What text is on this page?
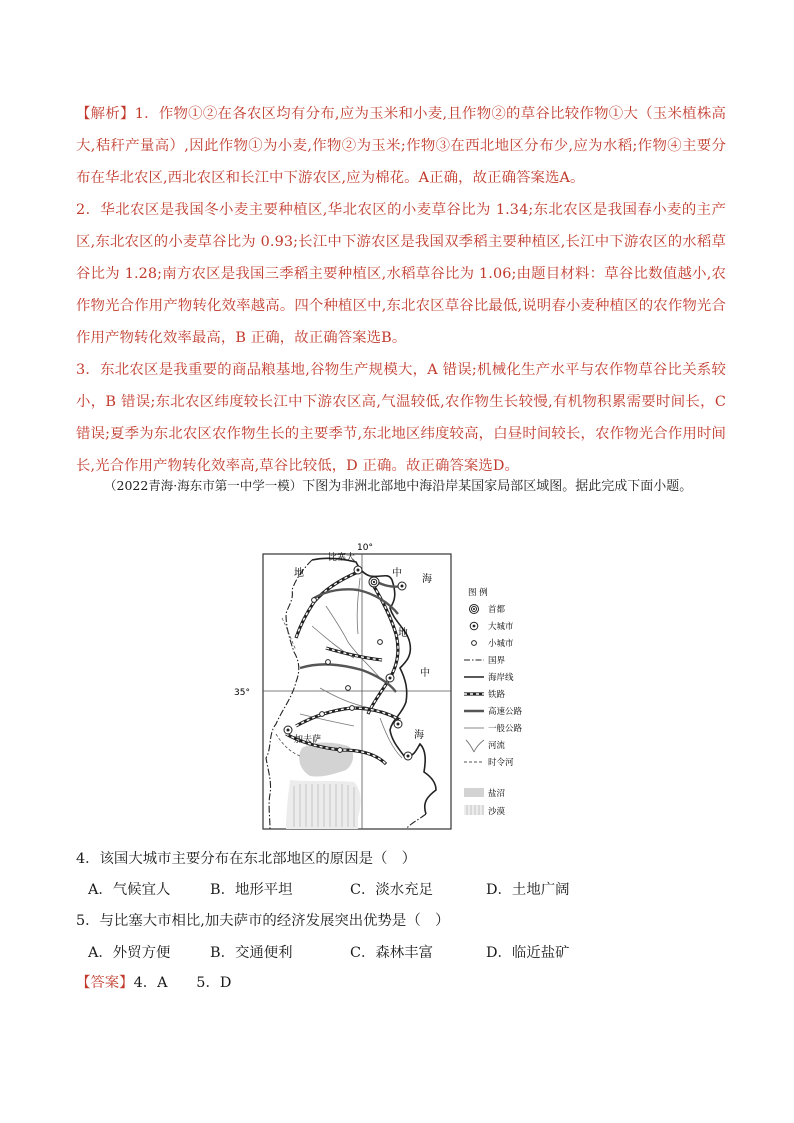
【解析】1．作物①②在各农区均有分布,应为玉米和小麦,且作物②的草谷比较作物①大（玉米植株高大,秸秆产量高）,因此作物①为小麦,作物②为玉米;作物③在西北地区分布少,应为水稻;作物④主要分布在华北农区,西北农区和长江中下游农区,应为棉花。A正确，故正确答案选A。

2．华北农区是我国冬小麦主要种植区,华北农区的小麦草谷比为 1.34;东北农区是我国春小麦的主产区,东北农区的小麦草谷比为 0.93;长江中下游农区是我国双季稻主要种植区,长江中下游农区的水稻草谷比为 1.28;南方农区是我国三季稻主要种植区,水稻草谷比为 1.06;由题目材料：草谷比数值越小,农作物光合作用产物转化效率越高。四个种植区中,东北农区草谷比最低,说明春小麦种植区的农作物光合作用产物转化效率最高，B 正确，故正确答案选B。

3．东北农区是我重要的商品粮基地,谷物生产规模大，A 错误;机械化生产水平与农作物草谷比关系较小，B 错误;东北农区纬度较长江中下游农区高,气温较低,农作物生长较慢,有机物积累需要时间长，C 错误;夏季为东北农区农作物生长的主要季节,东北地区纬度较高，白昼时间较长，农作物光合作用时间长,光合作用产物转化效率高,草谷比较低，D 正确。故正确答案选D。

（2022青海·海东市第一中学一模）下图为非洲北部地中海沿岸某国家局部区域图。据此完成下面小题。
10°
35°
比塞大
加夫萨
地	中
海
地
中
海
图 例
首都
大城市
小城市
国界
海岸线
铁路
高速公路
一般公路
河流
时令河
盐沼
沙漠
4．该国大城市主要分布在东北部地区的原因是（　）
A．气候宜人	B．地形平坦	C．淡水充足	D．土地广阔
5．与比塞大市相比,加夫萨市的经济发展突出优势是（　）
A．外贸方便	B．交通便利	C．森林丰富	D．临近盐矿
【答案】4．A　　5．D
